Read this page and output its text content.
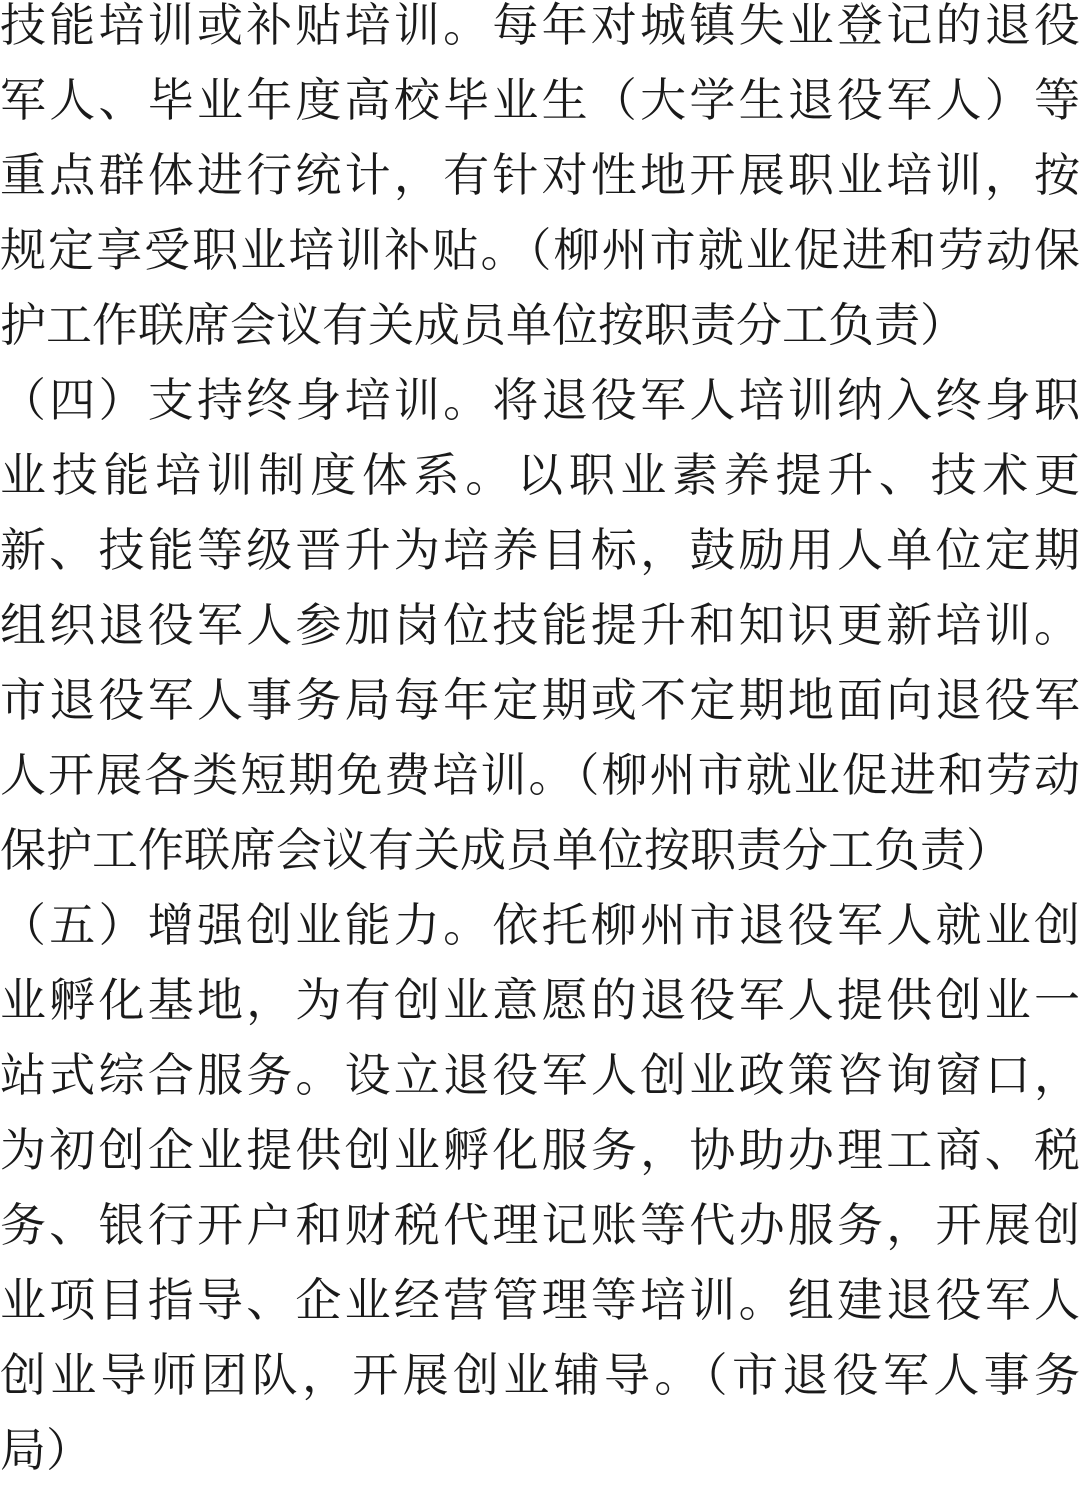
技能培训或补贴培训。每年对城镇失业登记的退役
军人、毕业年度高校毕业生（大学生退役军人）等
重点群体进行统计，有针对性地开展职业培训，按
规定享受职业培训补贴。（柳州市就业促进和劳动保
护工作联席会议有关成员单位按职责分工负责）
（四）支持终身培训。将退役军人培训纳入终身职
业技能培训制度体系。以职业素养提升、技术更
新、技能等级晋升为培养目标，鼓励用人单位定期
组织退役军人参加岗位技能提升和知识更新培训。
市退役军人事务局每年定期或不定期地面向退役军
人开展各类短期免费培训。（柳州市就业促进和劳动
保护工作联席会议有关成员单位按职责分工负责）
（五）增强创业能力。依托柳州市退役军人就业创
业孵化基地，为有创业意愿的退役军人提供创业一
站式综合服务。设立退役军人创业政策咨询窗口，
为初创企业提供创业孵化服务，协助办理工商、税
务、银行开户和财税代理记账等代办服务，开展创
业项目指导、企业经营管理等培训。组建退役军人
创业导师团队，开展创业辅导。（市退役军人事务
局）
